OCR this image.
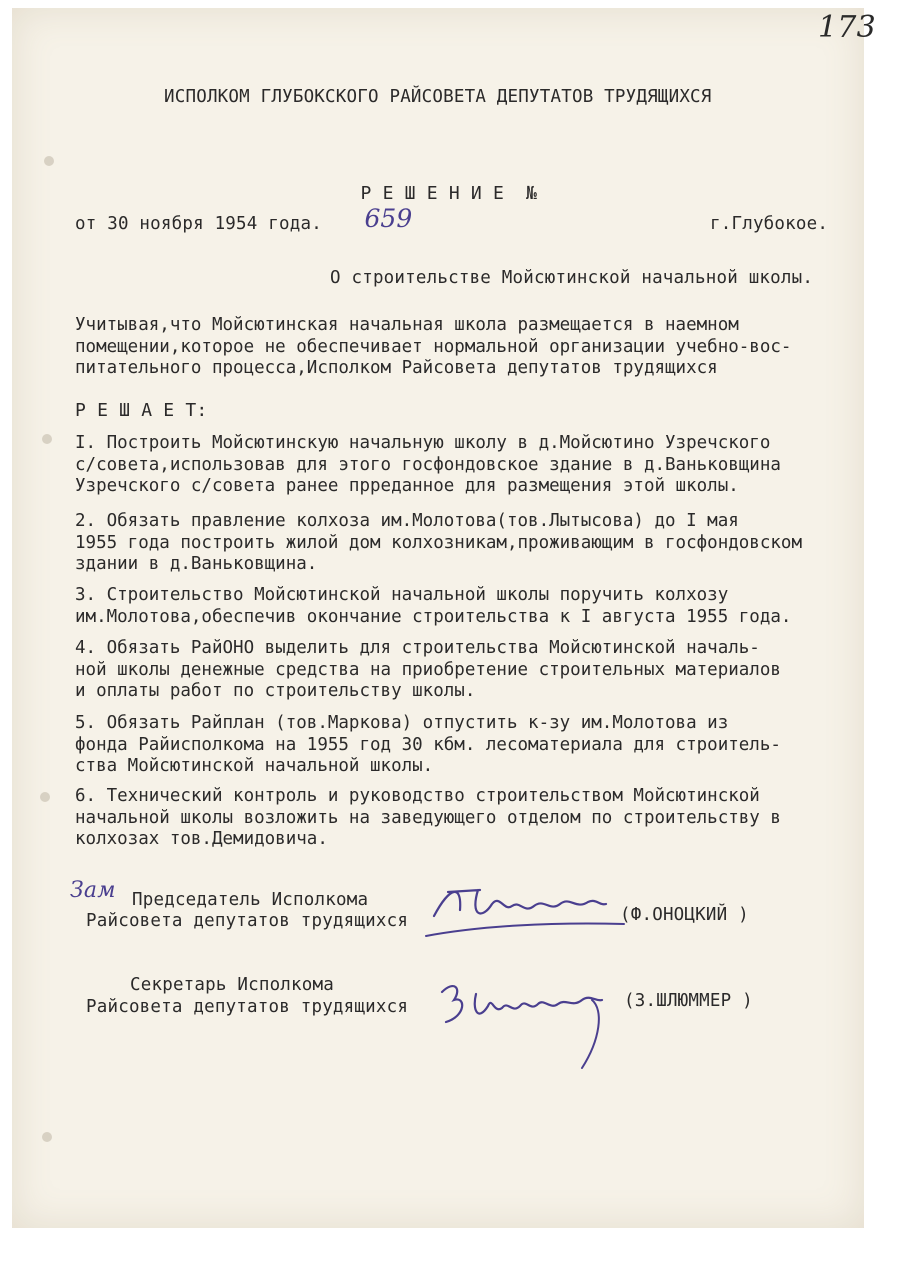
173
ИСПОЛКОМ ГЛУБОКСКОГО РАЙСОВЕТА ДЕПУТАТОВ ТРУДЯЩИХСЯ

Р Е Ш Е Н И Е  №
659

от 30 ноября 1954 года.	г.Глубокое.
О строительстве Мойсютинской начальной школы.
Учитывая,что Мойсютинская начальная школа размещается в наемном
помещении,которое не обеспечивает нормальной организации учебно-вос-
питательного процесса,Исполком Райсовета депутатов трудящихся
Р Е Ш А Е Т:
I. Построить Мойсютинскую начальную школу в д.Мойсютино Узречского
с/совета,использовав для этого госфондовское здание в д.Ваньковщина
Узречского с/совета ранее прреданное для размещения этой школы.
2. Обязать правление колхоза им.Молотова(тов.Лытысова) до I мая
1955 года построить жилой дом колхозникам,проживающим в госфондовском
здании в д.Ваньковщина.
3. Строительство Мойсютинской начальной школы поручить колхозу
им.Молотова,обеспечив окончание строительства к I августа 1955 года.
4. Обязать РайОНО выделить для строительства Мойсютинской началь-
ной школы денежные средства на приобретение строительных материалов
и оплаты работ по строительству школы.
5. Обязать Райплан (тов.Маркова) отпустить к-зу им.Молотова из
фонда Райисполкома на 1955 год 30 кбм. лесоматериала для строитель-
ства Мойсютинской начальной школы.
6. Технический контроль и руководство строительством Мойсютинской
начальной школы возложить на заведующего отделом по строительству в
колхозах тов.Демидовича.
Зам Председатель Исполкома
Райсовета депутатов трудящихся	(Ф.ОНОЦКИЙ )
Секретарь Исполкома
Райсовета депутатов трудящихся	(З.ШЛЮММЕР )
